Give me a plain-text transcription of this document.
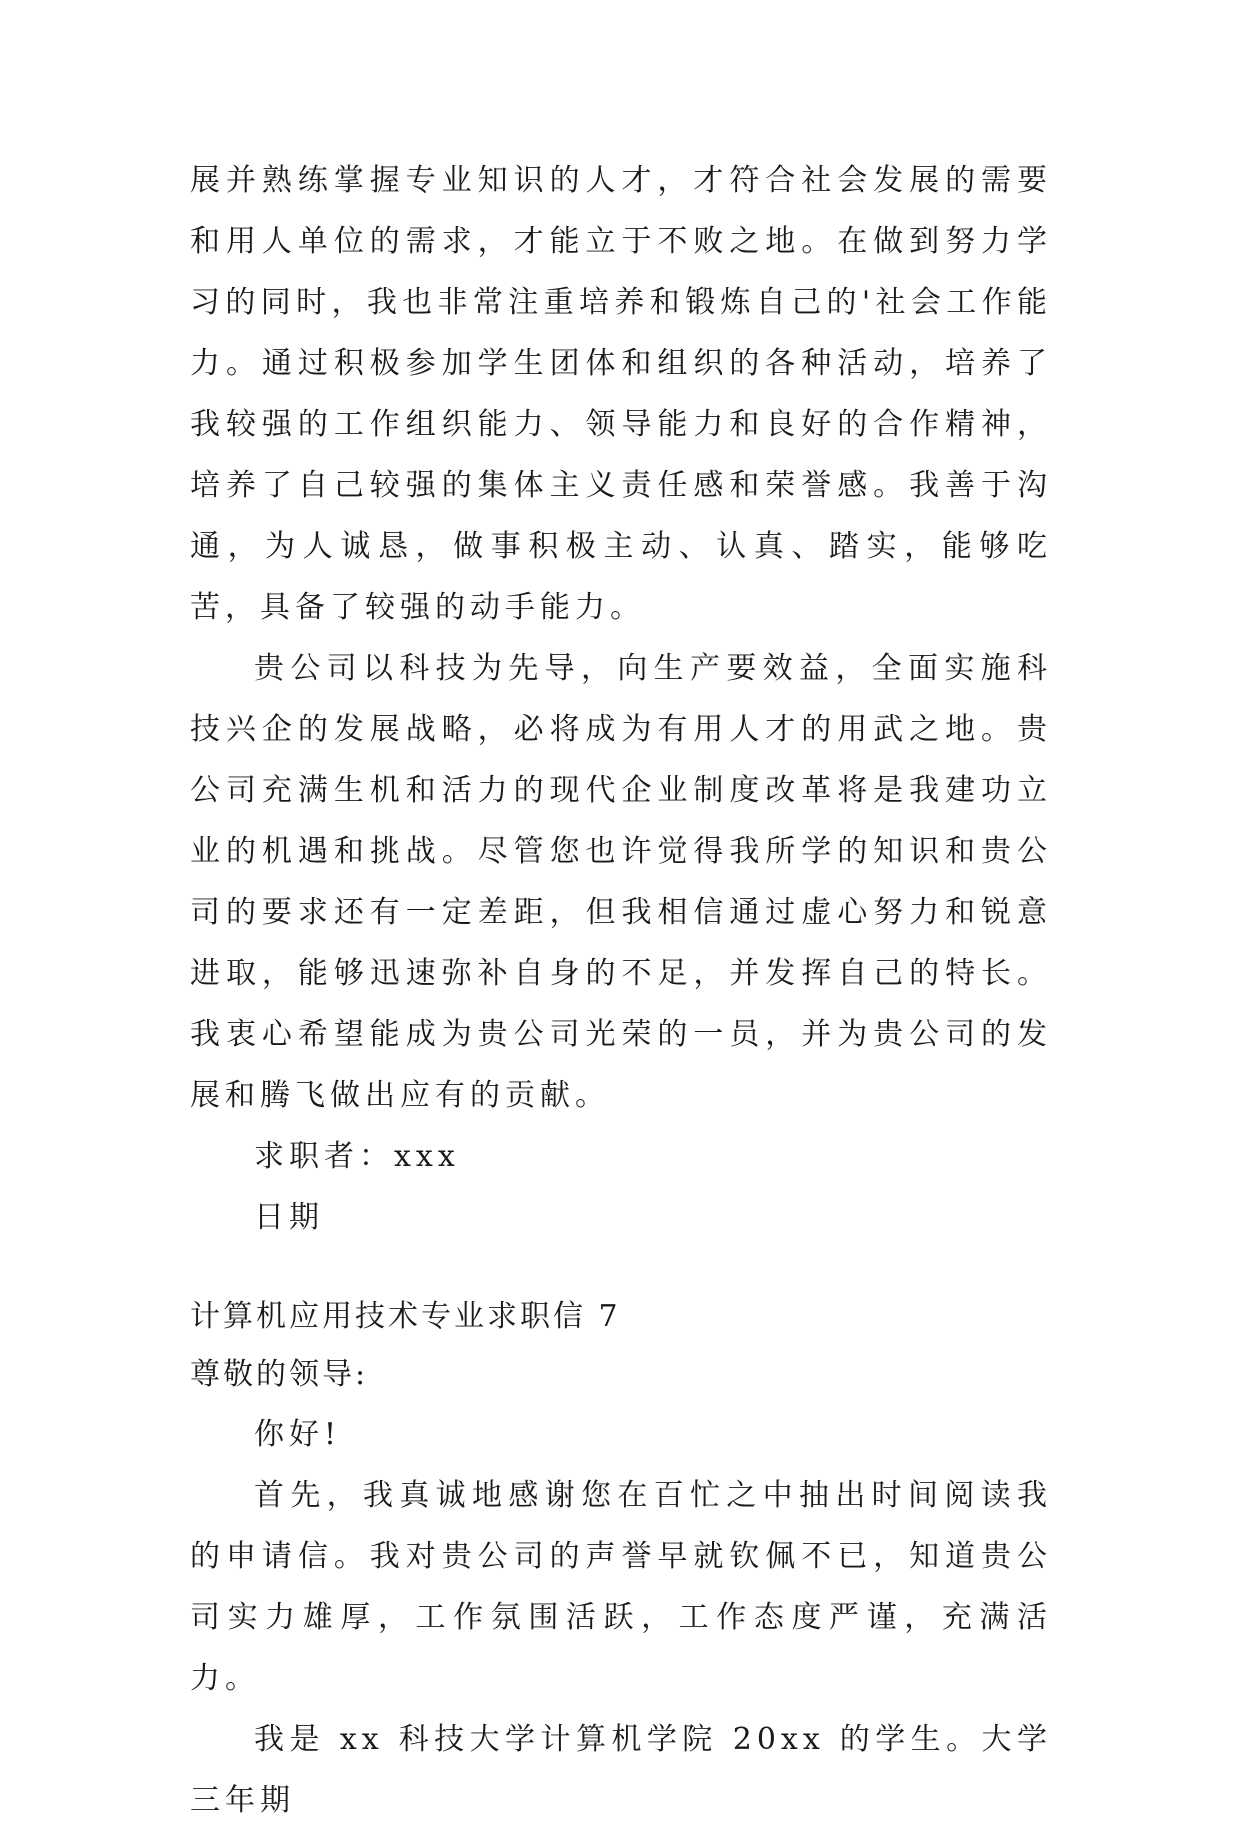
展并熟练掌握专业知识的人才，才符合社会发展的需要和用人单位的需求，才能立于不败之地。在做到努力学习的同时，我也非常注重培养和锻炼自己的'社会工作能力。通过积极参加学生团体和组织的各种活动，培养了我较强的工作组织能力、领导能力和良好的合作精神，培养了自己较强的集体主义责任感和荣誉感。我善于沟通，为人诚恳，做事积极主动、认真、踏实，能够吃苦，具备了较强的动手能力。

贵公司以科技为先导，向生产要效益，全面实施科技兴企的发展战略，必将成为有用人才的用武之地。贵公司充满生机和活力的现代企业制度改革将是我建功立业的机遇和挑战。尽管您也许觉得我所学的知识和贵公司的要求还有一定差距，但我相信通过虚心努力和锐意进取，能够迅速弥补自身的不足，并发挥自己的特长。我衷心希望能成为贵公司光荣的一员，并为贵公司的发展和腾飞做出应有的贡献。

求职者：xxx

日期

计算机应用技术专业求职信 7

尊敬的领导:

你好!

首先，我真诚地感谢您在百忙之中抽出时间阅读我的申请信。我对贵公司的声誉早就钦佩不已，知道贵公司实力雄厚，工作氛围活跃，工作态度严谨，充满活力。

我是 xx 科技大学计算机学院 20xx 的学生。大学三年期
